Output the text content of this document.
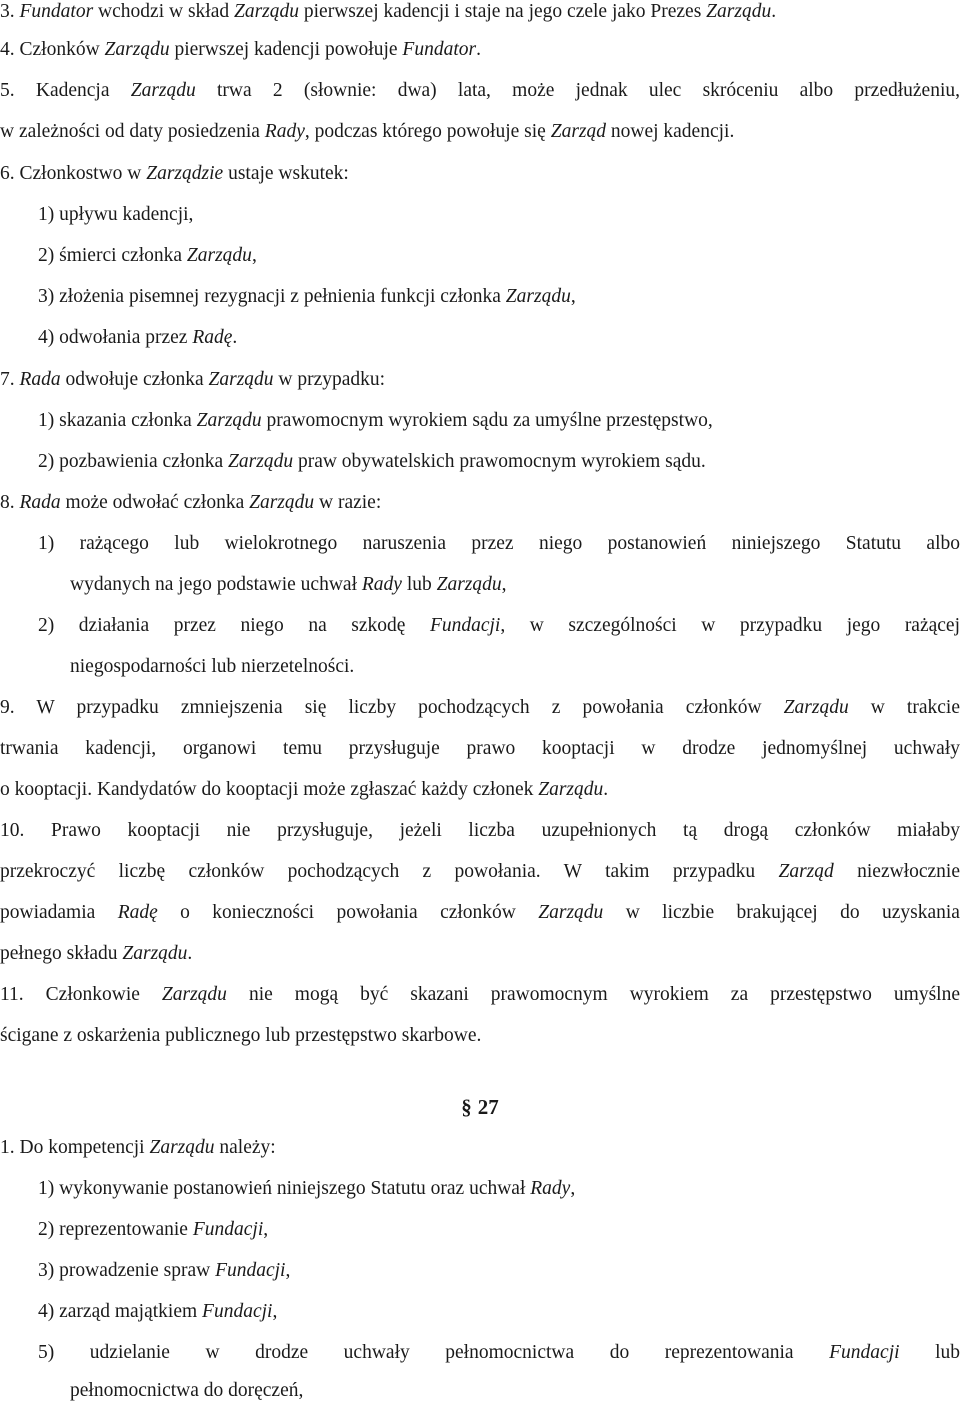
3. Fundator wchodzi w skład Zarządu pierwszej kadencji i staje na jego czele jako Prezes Zarządu.
4. Członków Zarządu pierwszej kadencji powołuje Fundator.
5. Kadencja Zarządu trwa 2 (słownie: dwa) lata, może jednak ulec skróceniu albo przedłużeniu,
w zależności od daty posiedzenia Rady, podczas którego powołuje się Zarząd nowej kadencji.
6. Członkostwo w Zarządzie ustaje wskutek:
1) upływu kadencji,
2) śmierci członka Zarządu,
3) złożenia pisemnej rezygnacji z pełnienia funkcji członka Zarządu,
4) odwołania przez Radę.
7. Rada odwołuje członka Zarządu w przypadku:
1) skazania członka Zarządu prawomocnym wyrokiem sądu za umyślne przestępstwo,
2) pozbawienia członka Zarządu praw obywatelskich prawomocnym wyrokiem sądu.
8. Rada może odwołać członka Zarządu w razie:
1) rażącego lub wielokrotnego naruszenia przez niego postanowień niniejszego Statutu albo
wydanych na jego podstawie uchwał Rady lub Zarządu,
2) działania przez niego na szkodę Fundacji, w szczególności w przypadku jego rażącej
niegospodarności lub nierzetelności.
9. W przypadku zmniejszenia się liczby pochodzących z powołania członków Zarządu w trakcie
trwania kadencji, organowi temu przysługuje prawo kooptacji w drodze jednomyślnej uchwały
o kooptacji. Kandydatów do kooptacji może zgłaszać każdy członek Zarządu.
10. Prawo kooptacji nie przysługuje, jeżeli liczba uzupełnionych tą drogą członków miałaby
przekroczyć liczbę członków pochodzących z powołania. W takim przypadku Zarząd niezwłocznie
powiadamia Radę o konieczności powołania członków Zarządu w liczbie brakującej do uzyskania
pełnego składu Zarządu.
11. Członkowie Zarządu nie mogą być skazani prawomocnym wyrokiem za przestępstwo umyślne
ścigane z oskarżenia publicznego lub przestępstwo skarbowe.
§ 27
1. Do kompetencji Zarządu należy:
1) wykonywanie postanowień niniejszego Statutu oraz uchwał Rady,
2) reprezentowanie Fundacji,
3) prowadzenie spraw Fundacji,
4) zarząd majątkiem Fundacji,
5) udzielanie w drodze uchwały pełnomocnictwa do reprezentowania Fundacji lub
pełnomocnictwa do doręczeń,
